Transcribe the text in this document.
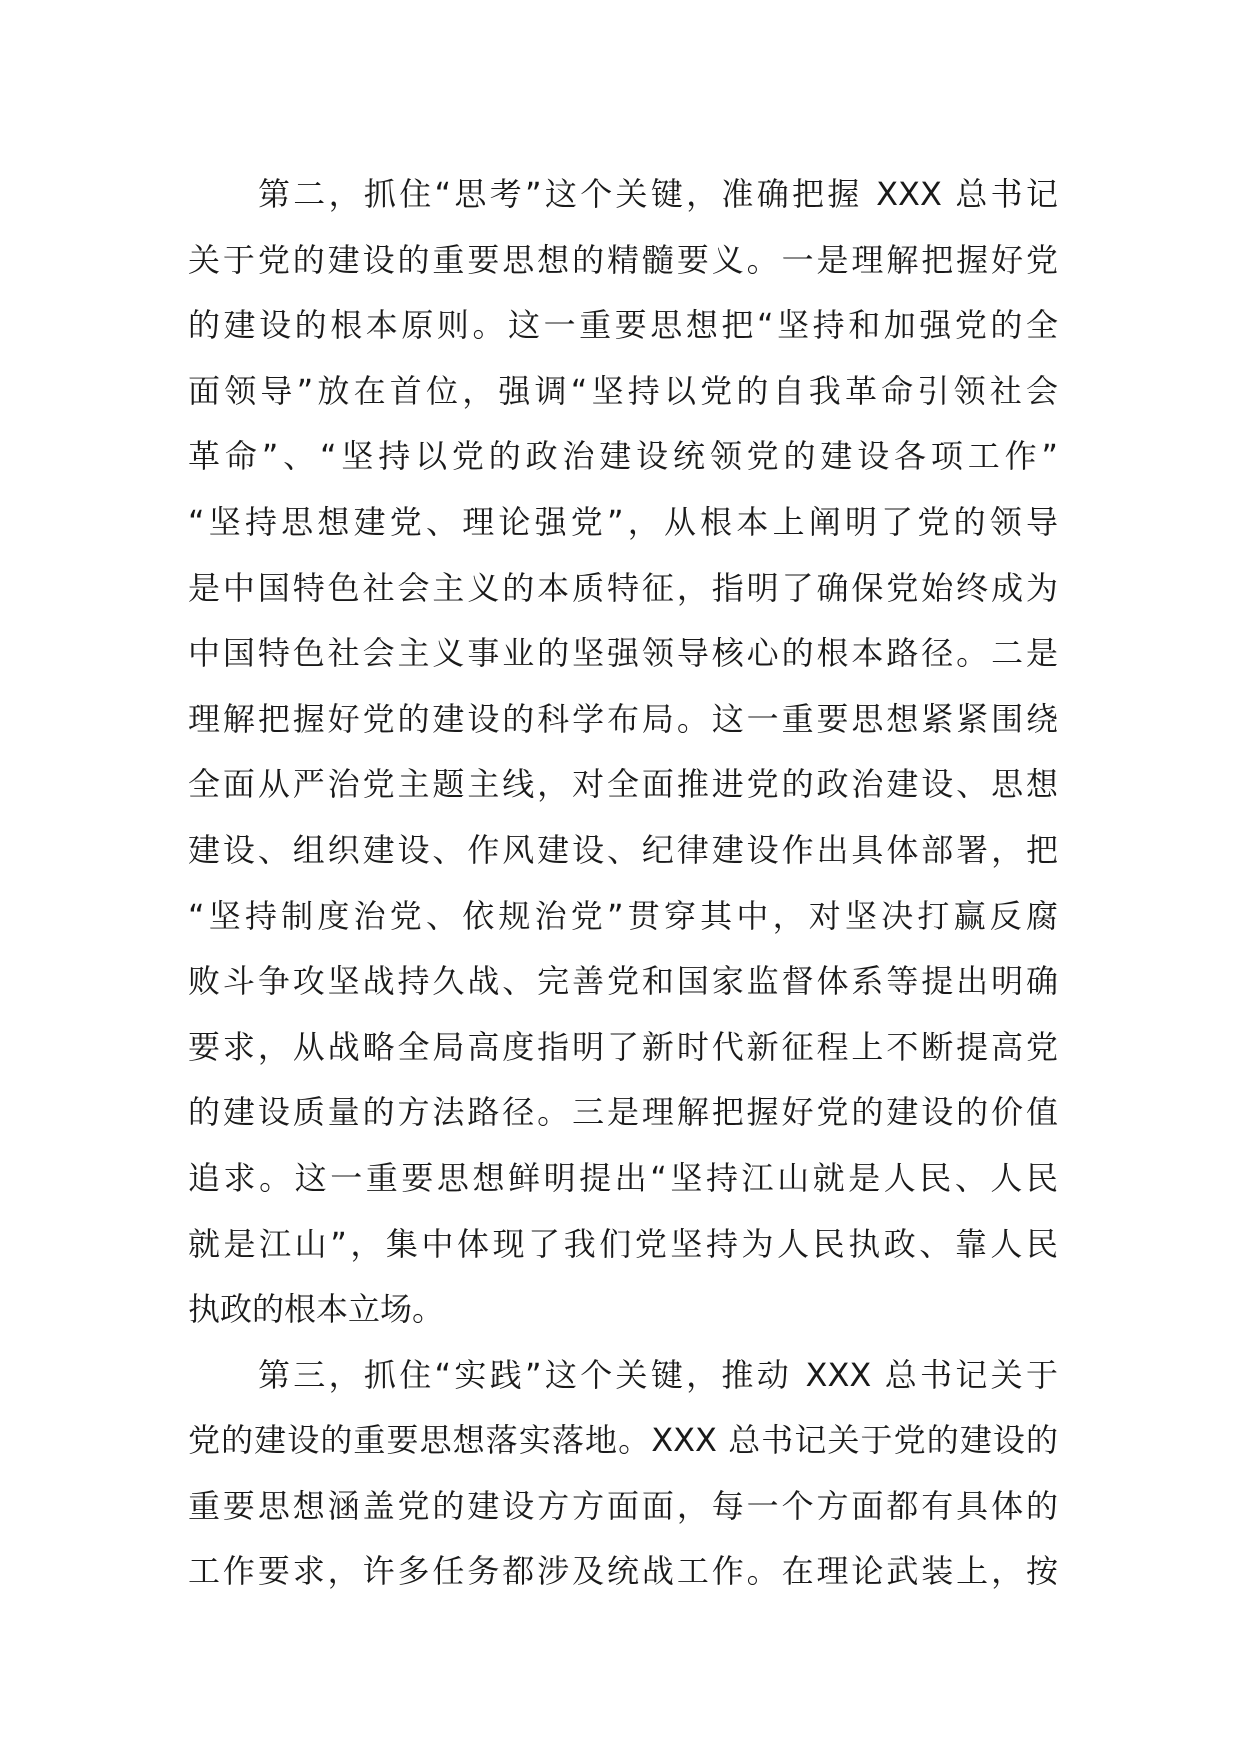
第二，抓住“思考”这个关键，准确把握 XXX 总书记
关于党的建设的重要思想的精髓要义。一是理解把握好党
的建设的根本原则。这一重要思想把“坚持和加强党的全
面领导”放在首位，强调“坚持以党的自我革命引领社会
革命”、“坚持以党的政治建设统领党的建设各项工作”
“坚持思想建党、理论强党”，从根本上阐明了党的领导
是中国特色社会主义的本质特征，指明了确保党始终成为
中国特色社会主义事业的坚强领导核心的根本路径。二是
理解把握好党的建设的科学布局。这一重要思想紧紧围绕
全面从严治党主题主线，对全面推进党的政治建设、思想
建设、组织建设、作风建设、纪律建设作出具体部署，把
“坚持制度治党、依规治党”贯穿其中，对坚决打赢反腐
败斗争攻坚战持久战、完善党和国家监督体系等提出明确
要求，从战略全局高度指明了新时代新征程上不断提高党
的建设质量的方法路径。三是理解把握好党的建设的价值
追求。这一重要思想鲜明提出“坚持江山就是人民、人民
就是江山”，集中体现了我们党坚持为人民执政、靠人民
执政的根本立场。
第三，抓住“实践”这个关键，推动 XXX 总书记关于
党的建设的重要思想落实落地。XXX 总书记关于党的建设的
重要思想涵盖党的建设方方面面，每一个方面都有具体的
工作要求，许多任务都涉及统战工作。在理论武装上，按
